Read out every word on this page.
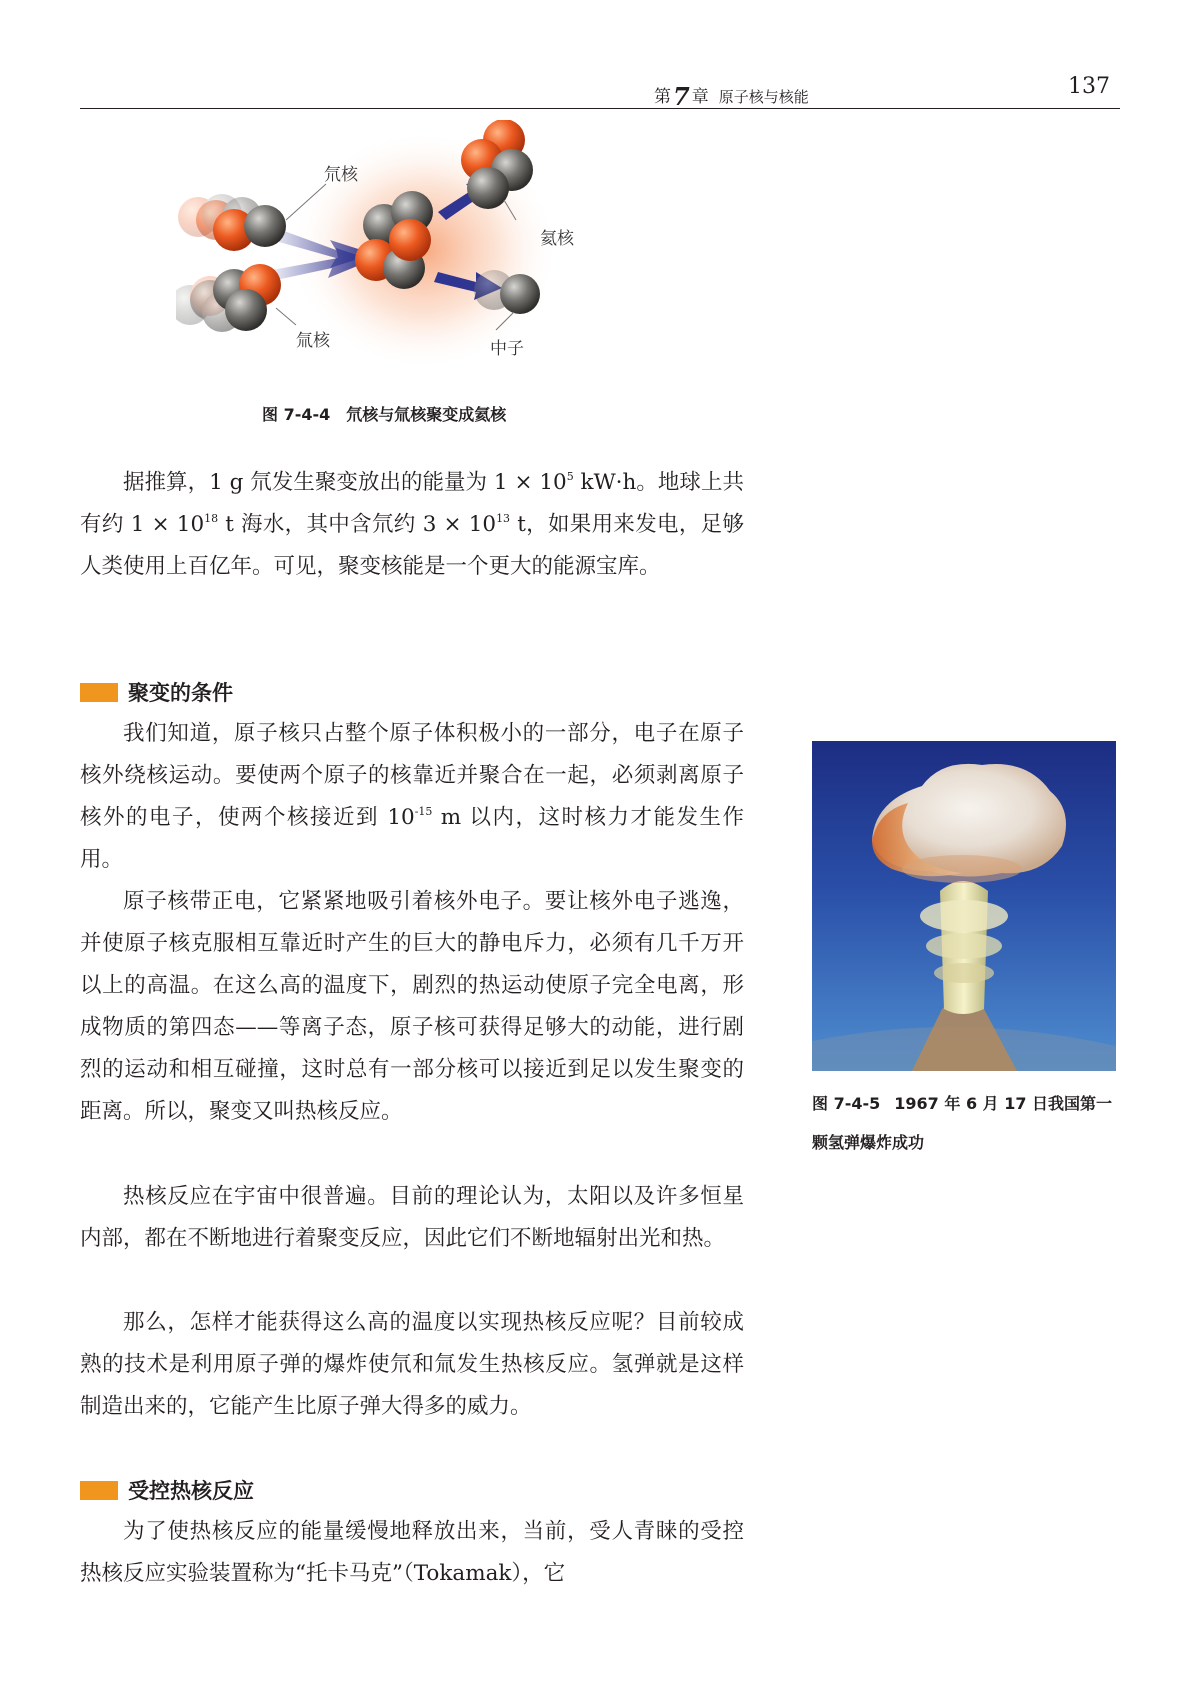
第7 章 原子核与核能	137
氘核
氚核
氦核
中子
图 7-4-4 氘核与氚核聚变成氦核

据推算，1 g 氘发生聚变放出的能量为 $1 \times 10^5$ kW·h。地球上共有约 $1 \times 10^{18}$ t 海水，其中含氘约 $3 \times 10^{13}$ t，如果用来发电，足够人类使用上百亿年。可见，聚变核能是一个更大的能源宝库。

聚变的条件

我们知道，原子核只占整个原子体积极小的一部分，电子在原子核外绕核运动。要使两个原子的核靠近并聚合在一起，必须剥离原子核外的电子，使两个核接近到 $10^{-15}$ m 以内，这时核力才能发生作用。

原子核带正电，它紧紧地吸引着核外电子。要让核外电子逃逸，并使原子核克服相互靠近时产生的巨大的静电斥力，必须有几千万开以上的高温。在这么高的温度下，剧烈的热运动使原子完全电离，形成物质的第四态——等离子态，原子核可获得足够大的动能，进行剧烈的运动和相互碰撞，这时总有一部分核可以接近到足以发生聚变的距离。所以，聚变又叫热核反应。

热核反应在宇宙中很普遍。目前的理论认为，太阳以及许多恒星内部，都在不断地进行着聚变反应，因此它们不断地辐射出光和热。

那么，怎样才能获得这么高的温度以实现热核反应呢？目前较成熟的技术是利用原子弹的爆炸使氘和氚发生热核反应。氢弹就是这样制造出来的，它能产生比原子弹大得多的威力。

受控热核反应

为了使热核反应的能量缓慢地释放出来，当前，受人青睐的受控热核反应实验装置称为“托卡马克”（Tokamak），它

图 7-4-5 1967 年 6 月 17 日我国第一颗氢弹爆炸成功
